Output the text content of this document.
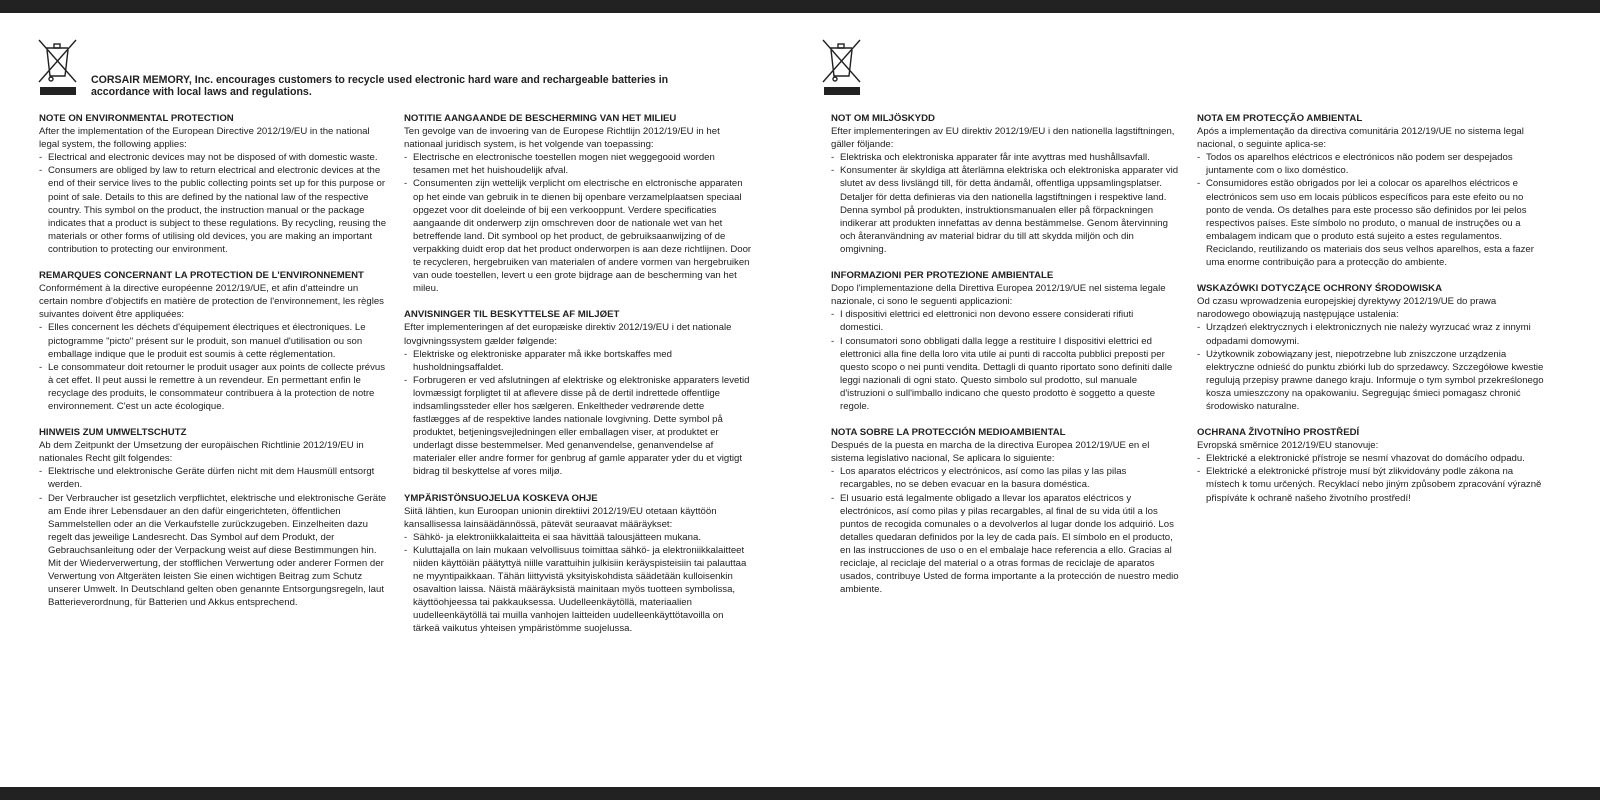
CORSAIR MEMORY, Inc. encourages customers to recycle used electronic hard ware and rechargeable batteries in accordance with local laws and regulations.
NOTE ON ENVIRONMENTAL PROTECTION

After the implementation of the European Directive 2012/19/EU in the national legal system, the following applies:

- Electrical and electronic devices may not be disposed of with domestic waste.
- Consumers are obliged by law to return electrical and electronic devices at the end of their service lives to the public collecting points set up for this purpose or point of sale. Details to this are defined by the national law of the respective country. This symbol on the product, the instruction manual or the package indicates that a product is subject to these regulations. By recycling, reusing the materials or other forms of utilising old devices, you are making an important contribution to protecting our environment.
REMARQUES CONCERNANT LA PROTECTION DE L'ENVIRONNEMENT

Conformément à la directive européenne 2012/19/UE, et afin d'atteindre un certain nombre d'objectifs en matière de protection de l'environnement, les règles suivantes doivent être appliquées:

- Elles concernent les déchets d'équipement électriques et électroniques. Le pictogramme "picto" présent sur le produit, son manuel d'utilisation ou son emballage indique que le produit est soumis à cette réglementation.
- Le consommateur doit retourner le produit usager aux points de collecte prévus à cet effet. Il peut aussi le remettre à un revendeur. En permettant enfin le recyclage des produits, le consommateur contribuera à la protection de notre environnement. C'est un acte écologique.
HINWEIS ZUM UMWELTSCHUTZ

Ab dem Zeitpunkt der Umsetzung der europäischen Richtlinie 2012/19/EU in nationales Recht gilt folgendes:

- Elektrische und elektronische Geräte dürfen nicht mit dem Hausmüll entsorgt werden.
- Der Verbraucher ist gesetzlich verpflichtet, elektrische und elektronische Geräte am Ende ihrer Lebensdauer an den dafür eingerichteten, öffentlichen Sammelstellen oder an die Verkaufstelle zurückzugeben. Einzelheiten dazu regelt das jeweilige Landesrecht. Das Symbol auf dem Produkt, der Gebrauchsanleitung oder der Verpackung weist auf diese Bestimmungen hin. Mit der Wiederverwertung, der stofflichen Verwertung oder anderer Formen der Verwertung von Altgeräten leisten Sie einen wichtigen Beitrag zum Schutz unserer Umwelt. In Deutschland gelten oben genannte Entsorgungsregeln, laut Batterieverordnung, für Batterien und Akkus entsprechend.
NOTITIE AANGAANDE DE BESCHERMING VAN HET MILIEU

Ten gevolge van de invoering van de Europese Richtlijn 2012/19/EU in het nationaal juridisch system, is het volgende van toepassing:

- Electrische en electronische toestellen mogen niet weggegooid worden tesamen met het huishoudelijk afval.
- Consumenten zijn wettelijk verplicht om electrische en elctronische apparaten op het einde van gebruik in te dienen bij openbare verzamelplaatsen speciaal opgezet voor dit doeleinde of bij een verkooppunt. Verdere specificaties aangaande dit onderwerp zijn omschreven door de nationale wet van het betreffende land. Dit symbool op het product, de gebruiksaanwijzing of de verpakking duidt erop dat het product onderworpen is aan deze richtlijnen. Door te recycleren, hergebruiken van materialen of andere vormen van hergebruiken van oude toestellen, levert u een grote bijdrage aan de bescherming van het mileu.
ANVISNINGER TIL BESKYTTELSE AF MILJØET

Efter implementeringen af det europæiske direktiv 2012/19/EU i det nationale lovgivningssystem gælder følgende:

- Elektriske og elektroniske apparater må ikke bortskaffes med husholdningsaffaldet.
- Forbrugeren er ved afslutningen af elektriske og elektroniske apparaters levetid lovmæssigt forpligtet til at aflevere disse på de dertil indrettede offentlige indsamlingssteder eller hos sælgeren. Enkeltheder vedrørende dette fastlægges af de respektive landes nationale lovgivning. Dette symbol på produktet, betjeningsvejledningen eller emballagen viser, at produktet er underlagt disse bestemmelser. Med genanvendelse, genanvendelse af materialer eller andre former for genbrug af gamle apparater yder du et vigtigt bidrag til beskyttelse af vores miljø.
YMPÄRISTÖNSUOJELUA KOSKEVA OHJE

Siitä lähtien, kun Euroopan unionin direktiivi 2012/19/EU otetaan käyttöön kansallisessa lainsäädännössä, pätevät seuraavat määräykset:

- Sähkö- ja elektroniikkalaitteita ei saa hävittää talousjätteen mukana.
- Kuluttajalla on lain mukaan velvollisuus toimittaa sähkö- ja elektroniikkalaitteet niiden käyttöiän päätyttyä niille varattuihin julkisiin keräyspisteisiin tai palauttaa ne myyntipaikkaan. Tähän liittyvistä yksityiskohdista säädetään kulloisenkin osavaltion laissa. Näistä määräyksistä mainitaan myös tuotteen symbolissa, käyttöohjeessa tai pakkauksessa. Uudelleenkäytöllä, materiaalien uudelleenkäytöllä tai muilla vanhojen laitteiden uudelleenkäyttötavoilla on tärkeä vaikutus yhteisen ympäristömme suojelussa.
NOT OM MILJÖSKYDD

Efter implementeringen av EU direktiv 2012/19/EU i den nationella lagstiftningen, gäller följande:

- Elektriska och elektroniska apparater får inte avyttras med hushållsavfall.
- Konsumenter är skyldiga att återlämna elektriska och elektroniska apparater vid slutet av dess livslängd till, för detta ändamål, offentliga uppsamlingsplatser. Detaljer för detta definieras via den nationella lagstiftningen i respektive land. Denna symbol på produkten, instruktionsmanualen eller på förpackningen indikerar att produkten innefattas av denna bestämmelse. Genom återvinning och återanvändning av material bidrar du till att skydda miljön och din omgivning.
INFORMAZIONI PER PROTEZIONE AMBIENTALE

Dopo l'implementazione della Direttiva Europea 2012/19/UE nel sistema legale nazionale, ci sono le seguenti applicazioni:

- I dispositivi elettrici ed elettronici non devono essere considerati rifiuti domestici.
- I consumatori sono obbligati dalla legge a restituire I dispositivi elettrici ed elettronici alla fine della loro vita utile ai punti di raccolta pubblici preposti per questo scopo o nei punti vendita. Dettagli di quanto riportato sono definiti dalle leggi nazionali di ogni stato. Questo simbolo sul prodotto, sul manuale d'istruzioni o sull'imballo indicano che questo prodotto è soggetto a queste regole.
NOTA SOBRE LA PROTECCIÓN MEDIOAMBIENTAL

Después de la puesta en marcha de la directiva Europea 2012/19/UE en el sistema legislativo nacional, Se aplicara lo siguiente:

- Los aparatos eléctricos y electrónicos, así como las pilas y las pilas recargables, no se deben evacuar en la basura doméstica.
- El usuario está legalmente obligado a llevar los aparatos eléctricos y electrónicos, así como pilas y pilas recargables, al final de su vida útil a los puntos de recogida comunales o a devolverlos al lugar donde los adquirió. Los detalles quedaran definidos por la ley de cada país. El símbolo en el producto, en las instrucciones de uso o en el embalaje hace referencia a ello. Gracias al reciclaje, al reciclaje del material o a otras formas de reciclaje de aparatos usados, contribuye Usted de forma importante a la protección de nuestro medio ambiente.
NOTA EM PROTECÇÃO AMBIENTAL

Após a implementação da directiva comunitária 2012/19/UE no sistema legal nacional, o seguinte aplica-se:

- Todos os aparelhos eléctricos e electrónicos não podem ser despejados juntamente com o lixo doméstico.
- Consumidores estão obrigados por lei a colocar os aparelhos eléctricos e electrónicos sem uso em locais públicos específicos para este efeito ou no ponto de venda. Os detalhes para este processo são definidos por lei pelos respectivos países. Este símbolo no produto, o manual de instruções ou a embalagem indicam que o produto está sujeito a estes regulamentos. Reciclando, reutilizando os materiais dos seus velhos aparelhos, esta a fazer uma enorme contribuição para a protecção do ambiente.
WSKAZÓWKI DOTYCZĄCE OCHRONY ŚRODOWISKA

Od czasu wprowadzenia europejskiej dyrektywy 2012/19/UE do prawa narodowego obowiązują następujące ustalenia:

- Urządzeń elektrycznych i elektronicznych nie należy wyrzucać wraz z innymi odpadami domowymi.
- Użytkownik zobowiązany jest, niepotrzebne lub zniszczone urządzenia elektryczne odnieść do punktu zbiórki lub do sprzedawcy. Szczegółowe kwestie regulują przepisy prawne danego kraju. Informuje o tym symbol przekreślonego kosza umieszczony na opakowaniu. Segregując śmieci pomagasz chronić środowisko naturalne.
OCHRANA ŽIVOTNÍHO PROSTŘEDÍ

Evropská směrnice 2012/19/EU stanovuje:

- Elektrické a elektronické přístroje se nesmí vhazovat do domácího odpadu.
- Elektrické a elektronické přístroje musí být zlikvidovány podle zákona na místech k tomu určených. Recyklací nebo jiným způsobem zpracování výrazně přispíváte k ochraně našeho životního prostředí!
